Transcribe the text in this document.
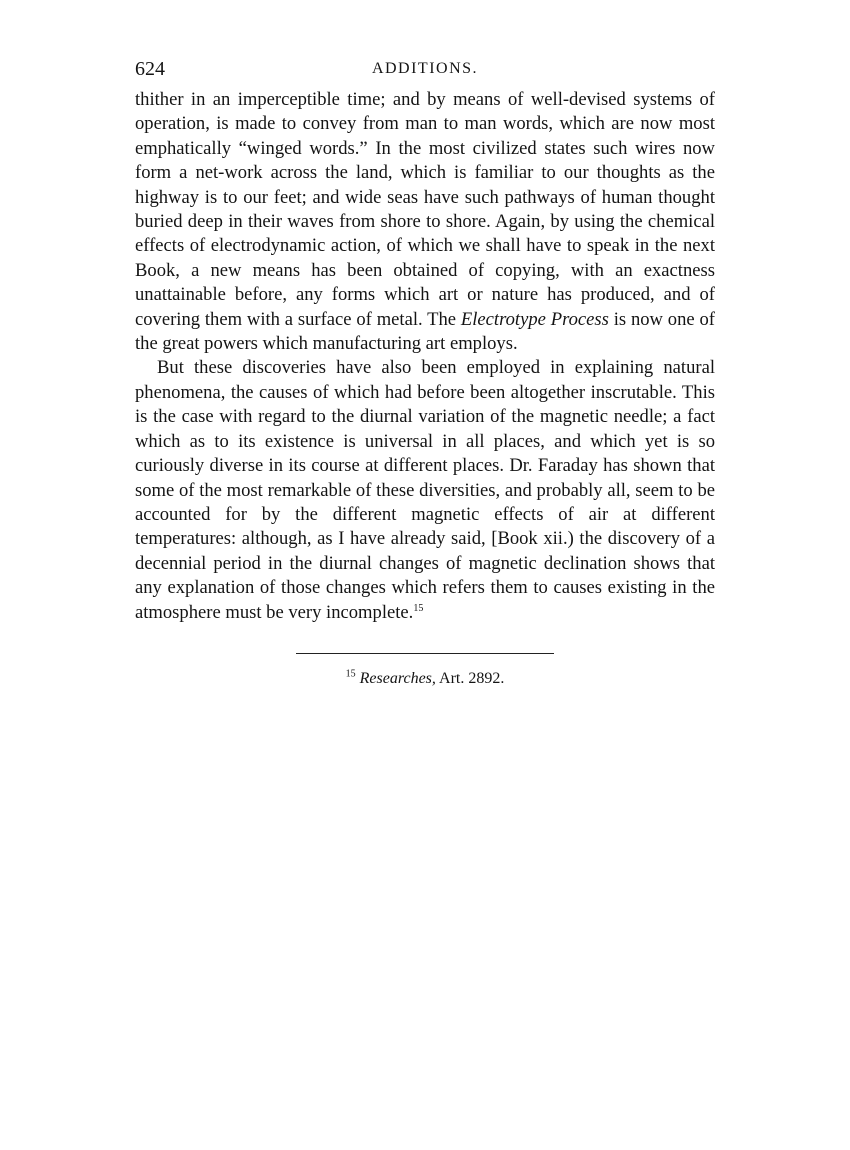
624	ADDITIONS.

thither in an imperceptible time; and by means of well-devised systems of operation, is made to convey from man to man words, which are now most emphatically “winged words.” In the most civilized states such wires now form a net-work across the land, which is familiar to our thoughts as the highway is to our feet; and wide seas have such pathways of human thought buried deep in their waves from shore to shore. Again, by using the chemical effects of electrodynamic action, of which we shall have to speak in the next Book, a new means has been obtained of copying, with an exactness unattainable before, any forms which art or nature has produced, and of covering them with a surface of metal. The Electrotype Process is now one of the great powers which manufacturing art employs.

But these discoveries have also been employed in explaining natural phenomena, the causes of which had before been altogether inscrutable. This is the case with regard to the diurnal variation of the magnetic needle; a fact which as to its existence is universal in all places, and which yet is so curiously diverse in its course at different places. Dr. Faraday has shown that some of the most remarkable of these diversities, and probably all, seem to be accounted for by the different magnetic effects of air at different temperatures: although, as I have already said, [Book xii.) the discovery of a decennial period in the diurnal changes of magnetic declination shows that any explanation of those changes which refers them to causes existing in the atmosphere must be very incomplete.$^{15}$

$^{15}$ Researches, Art. 2892.
